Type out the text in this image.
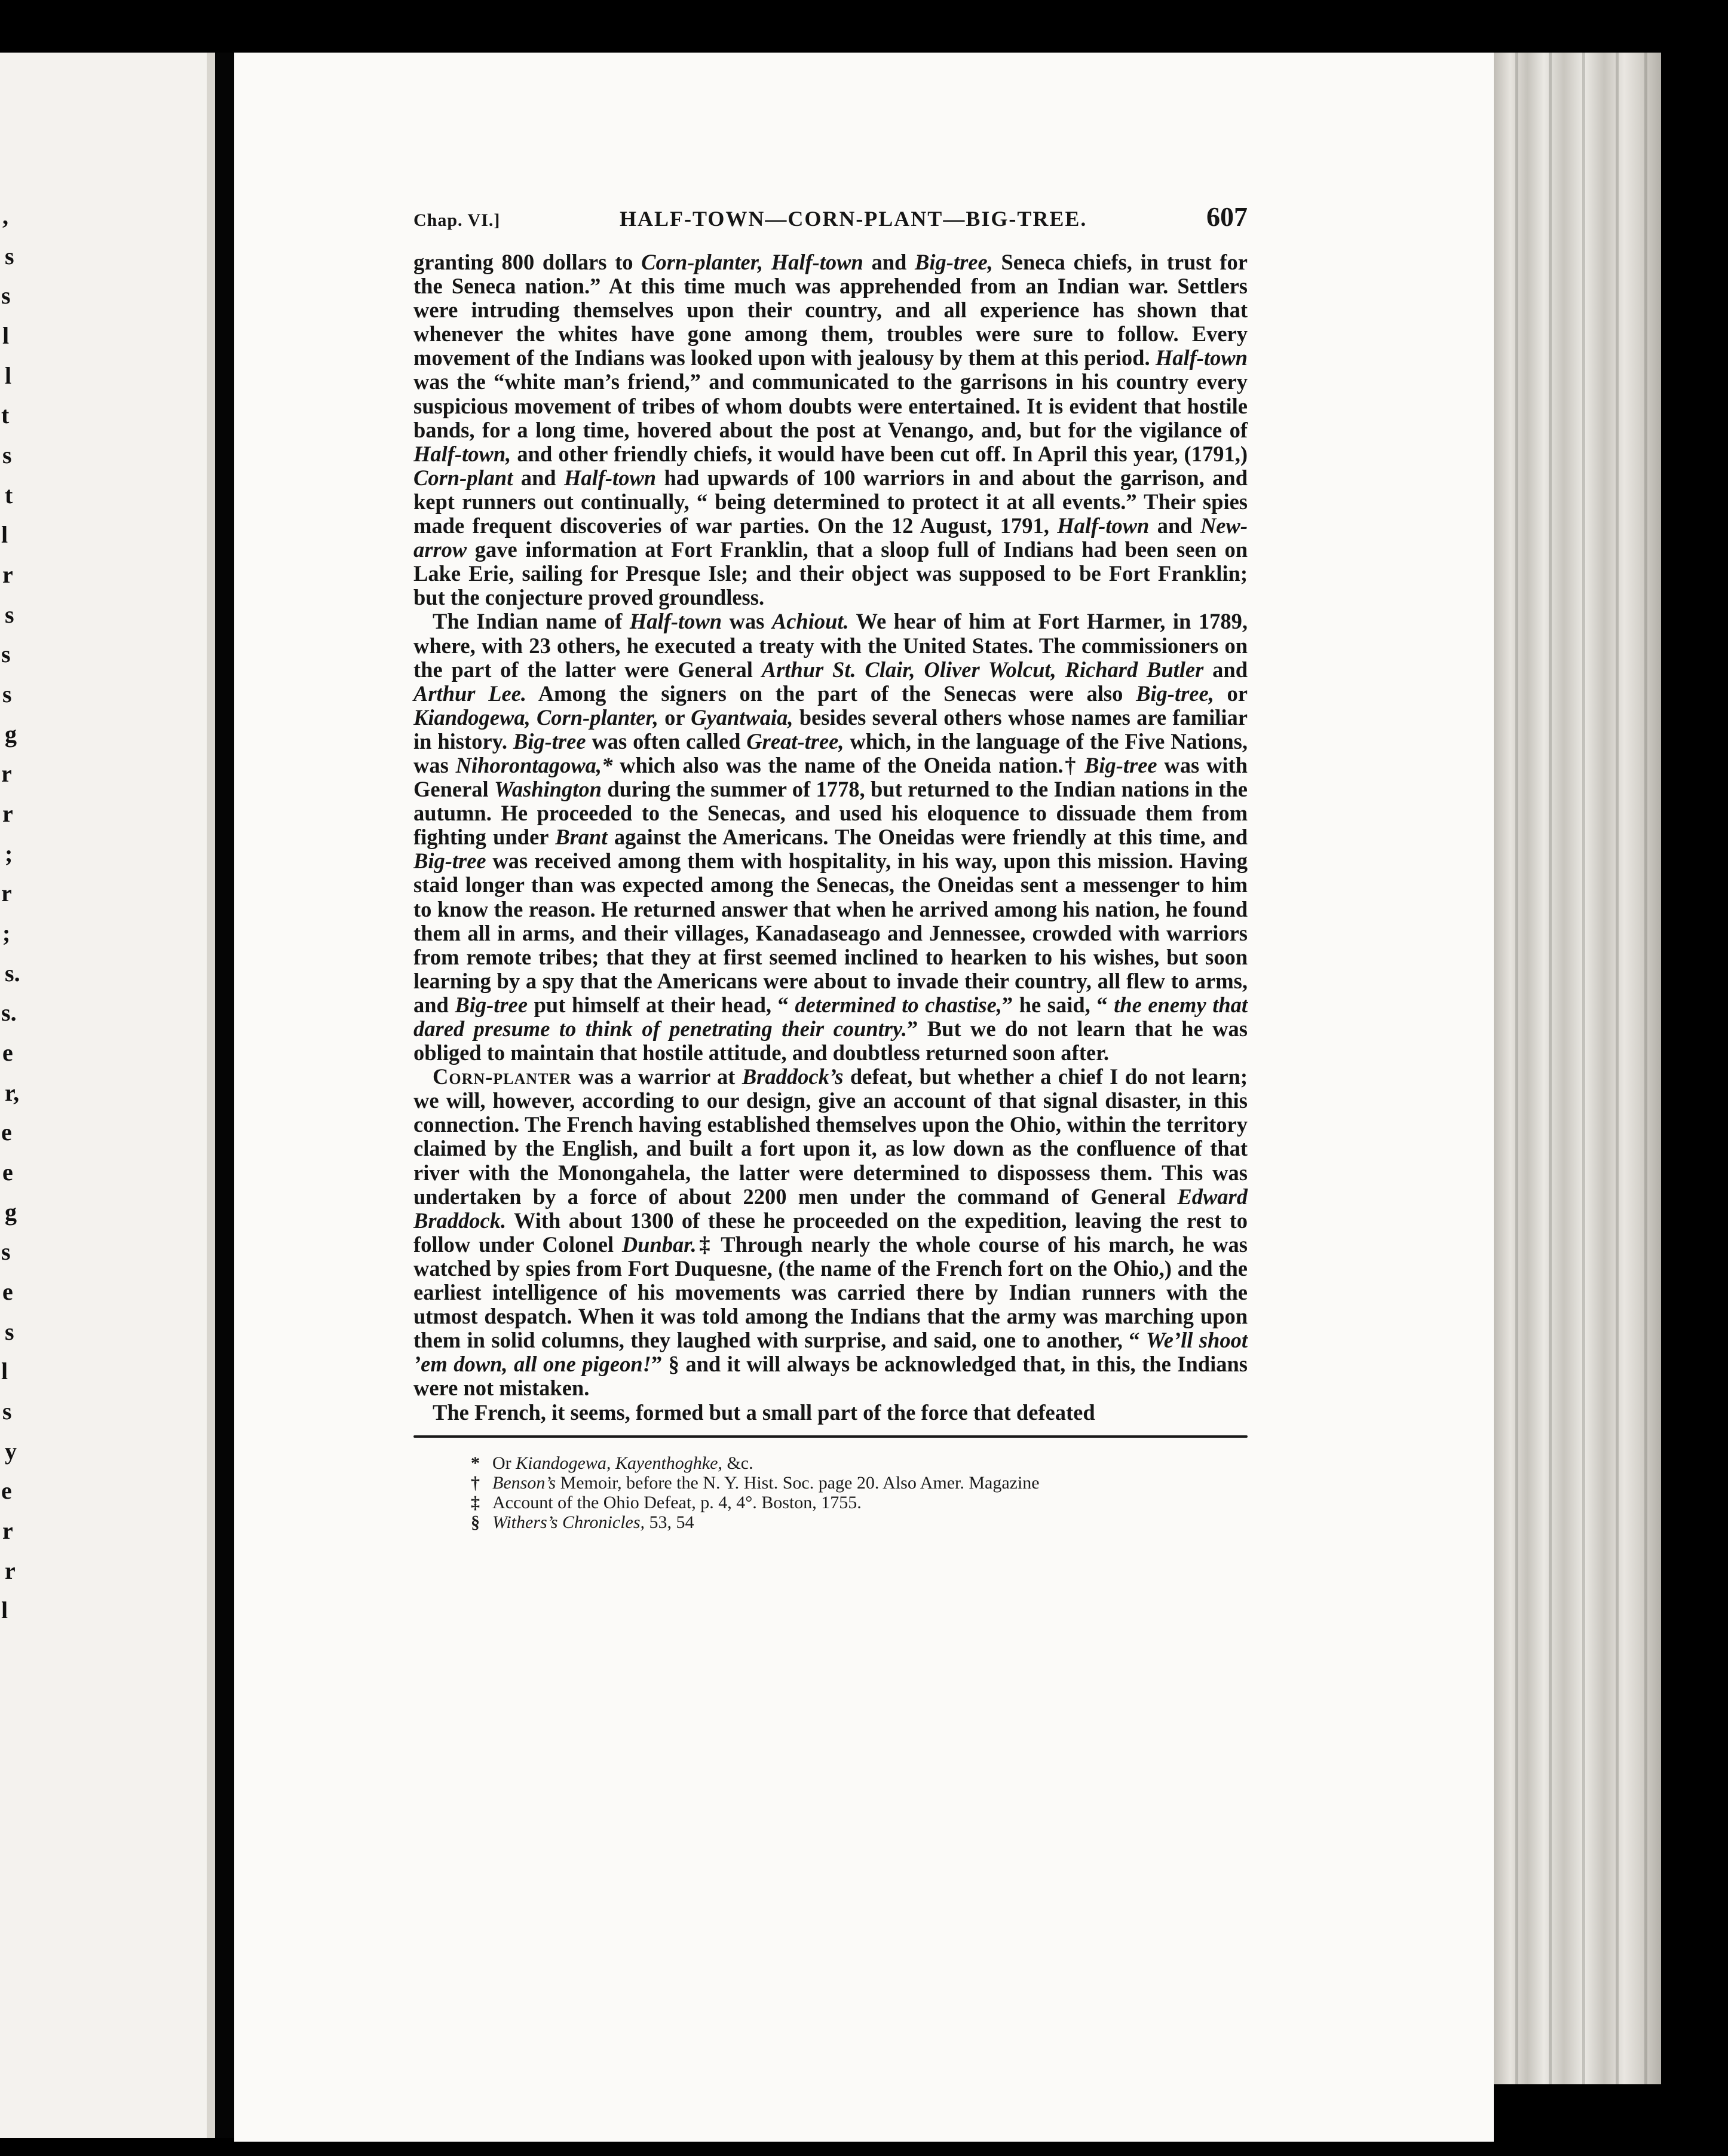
,
s
s
l
l
t
s
t
l
r
s
s
s
g
r
r
;
r
;
s.
s.
e
r,
e
e
g
s
e
s
l
s
y
e
r
r
l
Chap. VI.]	HALF-TOWN—CORN-PLANT—BIG-TREE.	607

granting 800 dollars to Corn-planter, Half-town and Big-tree, Seneca chiefs, in trust for the Seneca nation.” At this time much was apprehended from an Indian war. Settlers were intruding themselves upon their country, and all experience has shown that whenever the whites have gone among them, troubles were sure to follow. Every movement of the Indians was looked upon with jealousy by them at this period. Half-town was the “white man’s friend,” and communicated to the garrisons in his country every suspicious movement of tribes of whom doubts were entertained. It is evident that hostile bands, for a long time, hovered about the post at Venango, and, but for the vigilance of Half-town, and other friendly chiefs, it would have been cut off. In April this year, (1791,) Corn-plant and Half-town had upwards of 100 warriors in and about the garrison, and kept runners out continually, “ being determined to protect it at all events.” Their spies made frequent discoveries of war parties. On the 12 August, 1791, Half-town and New-arrow gave information at Fort Franklin, that a sloop full of Indians had been seen on Lake Erie, sailing for Presque Isle; and their object was supposed to be Fort Franklin; but the conjecture proved groundless.

The Indian name of Half-town was Achiout. We hear of him at Fort Harmer, in 1789, where, with 23 others, he executed a treaty with the United States. The commissioners on the part of the latter were General Arthur St. Clair, Oliver Wolcut, Richard Butler and Arthur Lee. Among the signers on the part of the Senecas were also Big-tree, or Kiandogewa, Corn-planter, or Gyantwaia, besides several others whose names are familiar in history. Big-tree was often called Great-tree, which, in the language of the Five Nations, was Nihorontagowa,* which also was the name of the Oneida nation.† Big-tree was with General Washington during the summer of 1778, but returned to the Indian nations in the autumn. He proceeded to the Senecas, and used his eloquence to dissuade them from fighting under Brant against the Americans. The Oneidas were friendly at this time, and Big-tree was received among them with hospitality, in his way, upon this mission. Having staid longer than was expected among the Senecas, the Oneidas sent a messenger to him to know the reason. He returned answer that when he arrived among his nation, he found them all in arms, and their villages, Kanadaseago and Jennessee, crowded with warriors from remote tribes; that they at first seemed inclined to hearken to his wishes, but soon learning by a spy that the Americans were about to invade their country, all flew to arms, and Big-tree put himself at their head, “ determined to chastise,” he said, “ the enemy that dared presume to think of penetrating their country.” But we do not learn that he was obliged to maintain that hostile attitude, and doubtless returned soon after.

Corn-planter was a warrior at Braddock’s defeat, but whether a chief I do not learn; we will, however, according to our design, give an account of that signal disaster, in this connection. The French having established themselves upon the Ohio, within the territory claimed by the English, and built a fort upon it, as low down as the confluence of that river with the Monongahela, the latter were determined to dispossess them. This was undertaken by a force of about 2200 men under the command of General Edward Braddock. With about 1300 of these he proceeded on the expedition, leaving the rest to follow under Colonel Dunbar.‡ Through nearly the whole course of his march, he was watched by spies from Fort Duquesne, (the name of the French fort on the Ohio,) and the earliest intelligence of his movements was carried there by Indian runners with the utmost despatch. When it was told among the Indians that the army was marching upon them in solid columns, they laughed with surprise, and said, one to another, “ We’ll shoot ’em down, all one pigeon!” § and it will always be acknowledged that, in this, the Indians were not mistaken.

The French, it seems, formed but a small part of the force that defeated

* Or Kiandogewa, Kayenthoghke, &c.
† Benson’s Memoir, before the N. Y. Hist. Soc. page 20. Also Amer. Magazine
‡ Account of the Ohio Defeat, p. 4, 4°. Boston, 1755.
§ Withers’s Chronicles, 53, 54
